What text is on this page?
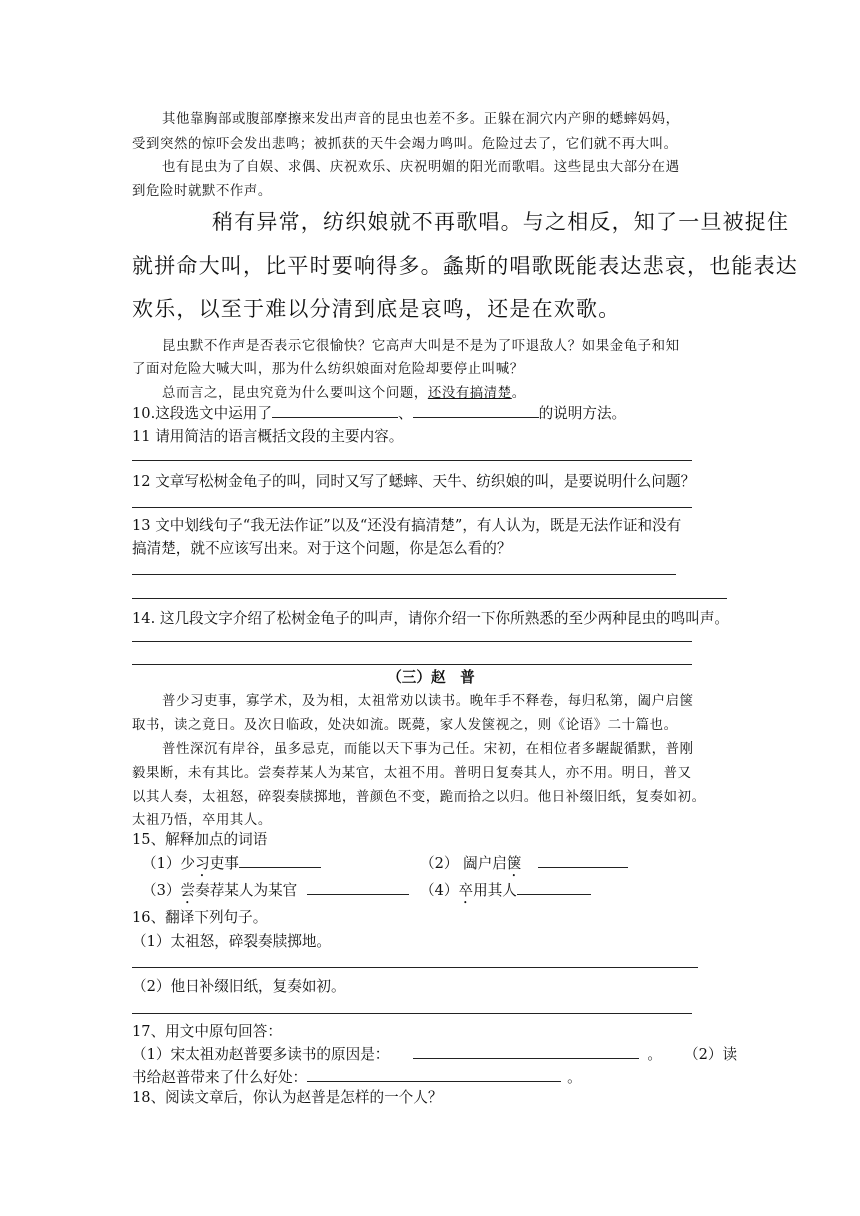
其他靠胸部或腹部摩擦来发出声音的昆虫也差不多。正躲在洞穴内产卵的蟋蟀妈妈，
受到突然的惊吓会发出悲鸣；被抓获的天牛会竭力鸣叫。危险过去了，它们就不再大叫。
也有昆虫为了自娱、求偶、庆祝欢乐、庆祝明媚的阳光而歌唱。这些昆虫大部分在遇
到危险时就默不作声。
稍有异常，纺织娘就不再歌唱。与之相反，知了一旦被捉住
就拼命大叫，比平时要响得多。螽斯的唱歌既能表达悲哀，也能表达
欢乐，以至于难以分清到底是哀鸣，还是在欢歌。
昆虫默不作声是否表示它很愉快？它高声大叫是不是为了吓退敌人？如果金龟子和知
了面对危险大喊大叫，那为什么纺织娘面对危险却要停止叫喊？
总而言之，昆虫究竟为什么要叫这个问题，还没有搞清楚。
10.这段选文中运用了	、	的说明方法。
11 请用简洁的语言概括文段的主要内容。
12 文章写松树金龟子的叫，同时又写了蟋蟀、天牛、纺织娘的叫，是要说明什么问题？
13 文中划线句子“我无法作证”以及“还没有搞清楚”，有人认为，既是无法作证和没有
搞清楚，就不应该写出来。对于这个问题，你是怎么看的？
14. 这几段文字介绍了松树金龟子的叫声，请你介绍一下你所熟悉的至少两种昆虫的鸣叫声。
（三）赵　普
普少习吏事，寡学术，及为相，太祖常劝以读书。晚年手不释卷，每归私第，阖户启箧
取书，读之竟日。及次日临政，处决如流。既薨，家人发箧视之，则《论语》二十篇也。
普性深沉有岸谷，虽多忌克，而能以天下事为己任。宋初，在相位者多龌龊循默，普刚
毅果断，未有其比。尝奏荐某人为某官，太祖不用。普明日复奏其人，亦不用。明日，普又
以其人奏，太祖怒，碎裂奏牍掷地，普颜色不变，跪而拾之以归。他日补缀旧纸，复奏如初。
太祖乃悟，卒用其人。
15、解释加点的词语
（1）少习吏事	（2） 阖户启箧
（3）尝奏荐某人为某官	（4）卒用其人
16、翻译下列句子。
（1）太祖怒，碎裂奏牍掷地。
（2）他日补缀旧纸，复奏如初。
17、用文中原句回答：
（1）宋太祖劝赵普要多读书的原因是：	。 （2）读
书给赵普带来了什么好处：	。
18、阅读文章后，你认为赵普是怎样的一个人？
